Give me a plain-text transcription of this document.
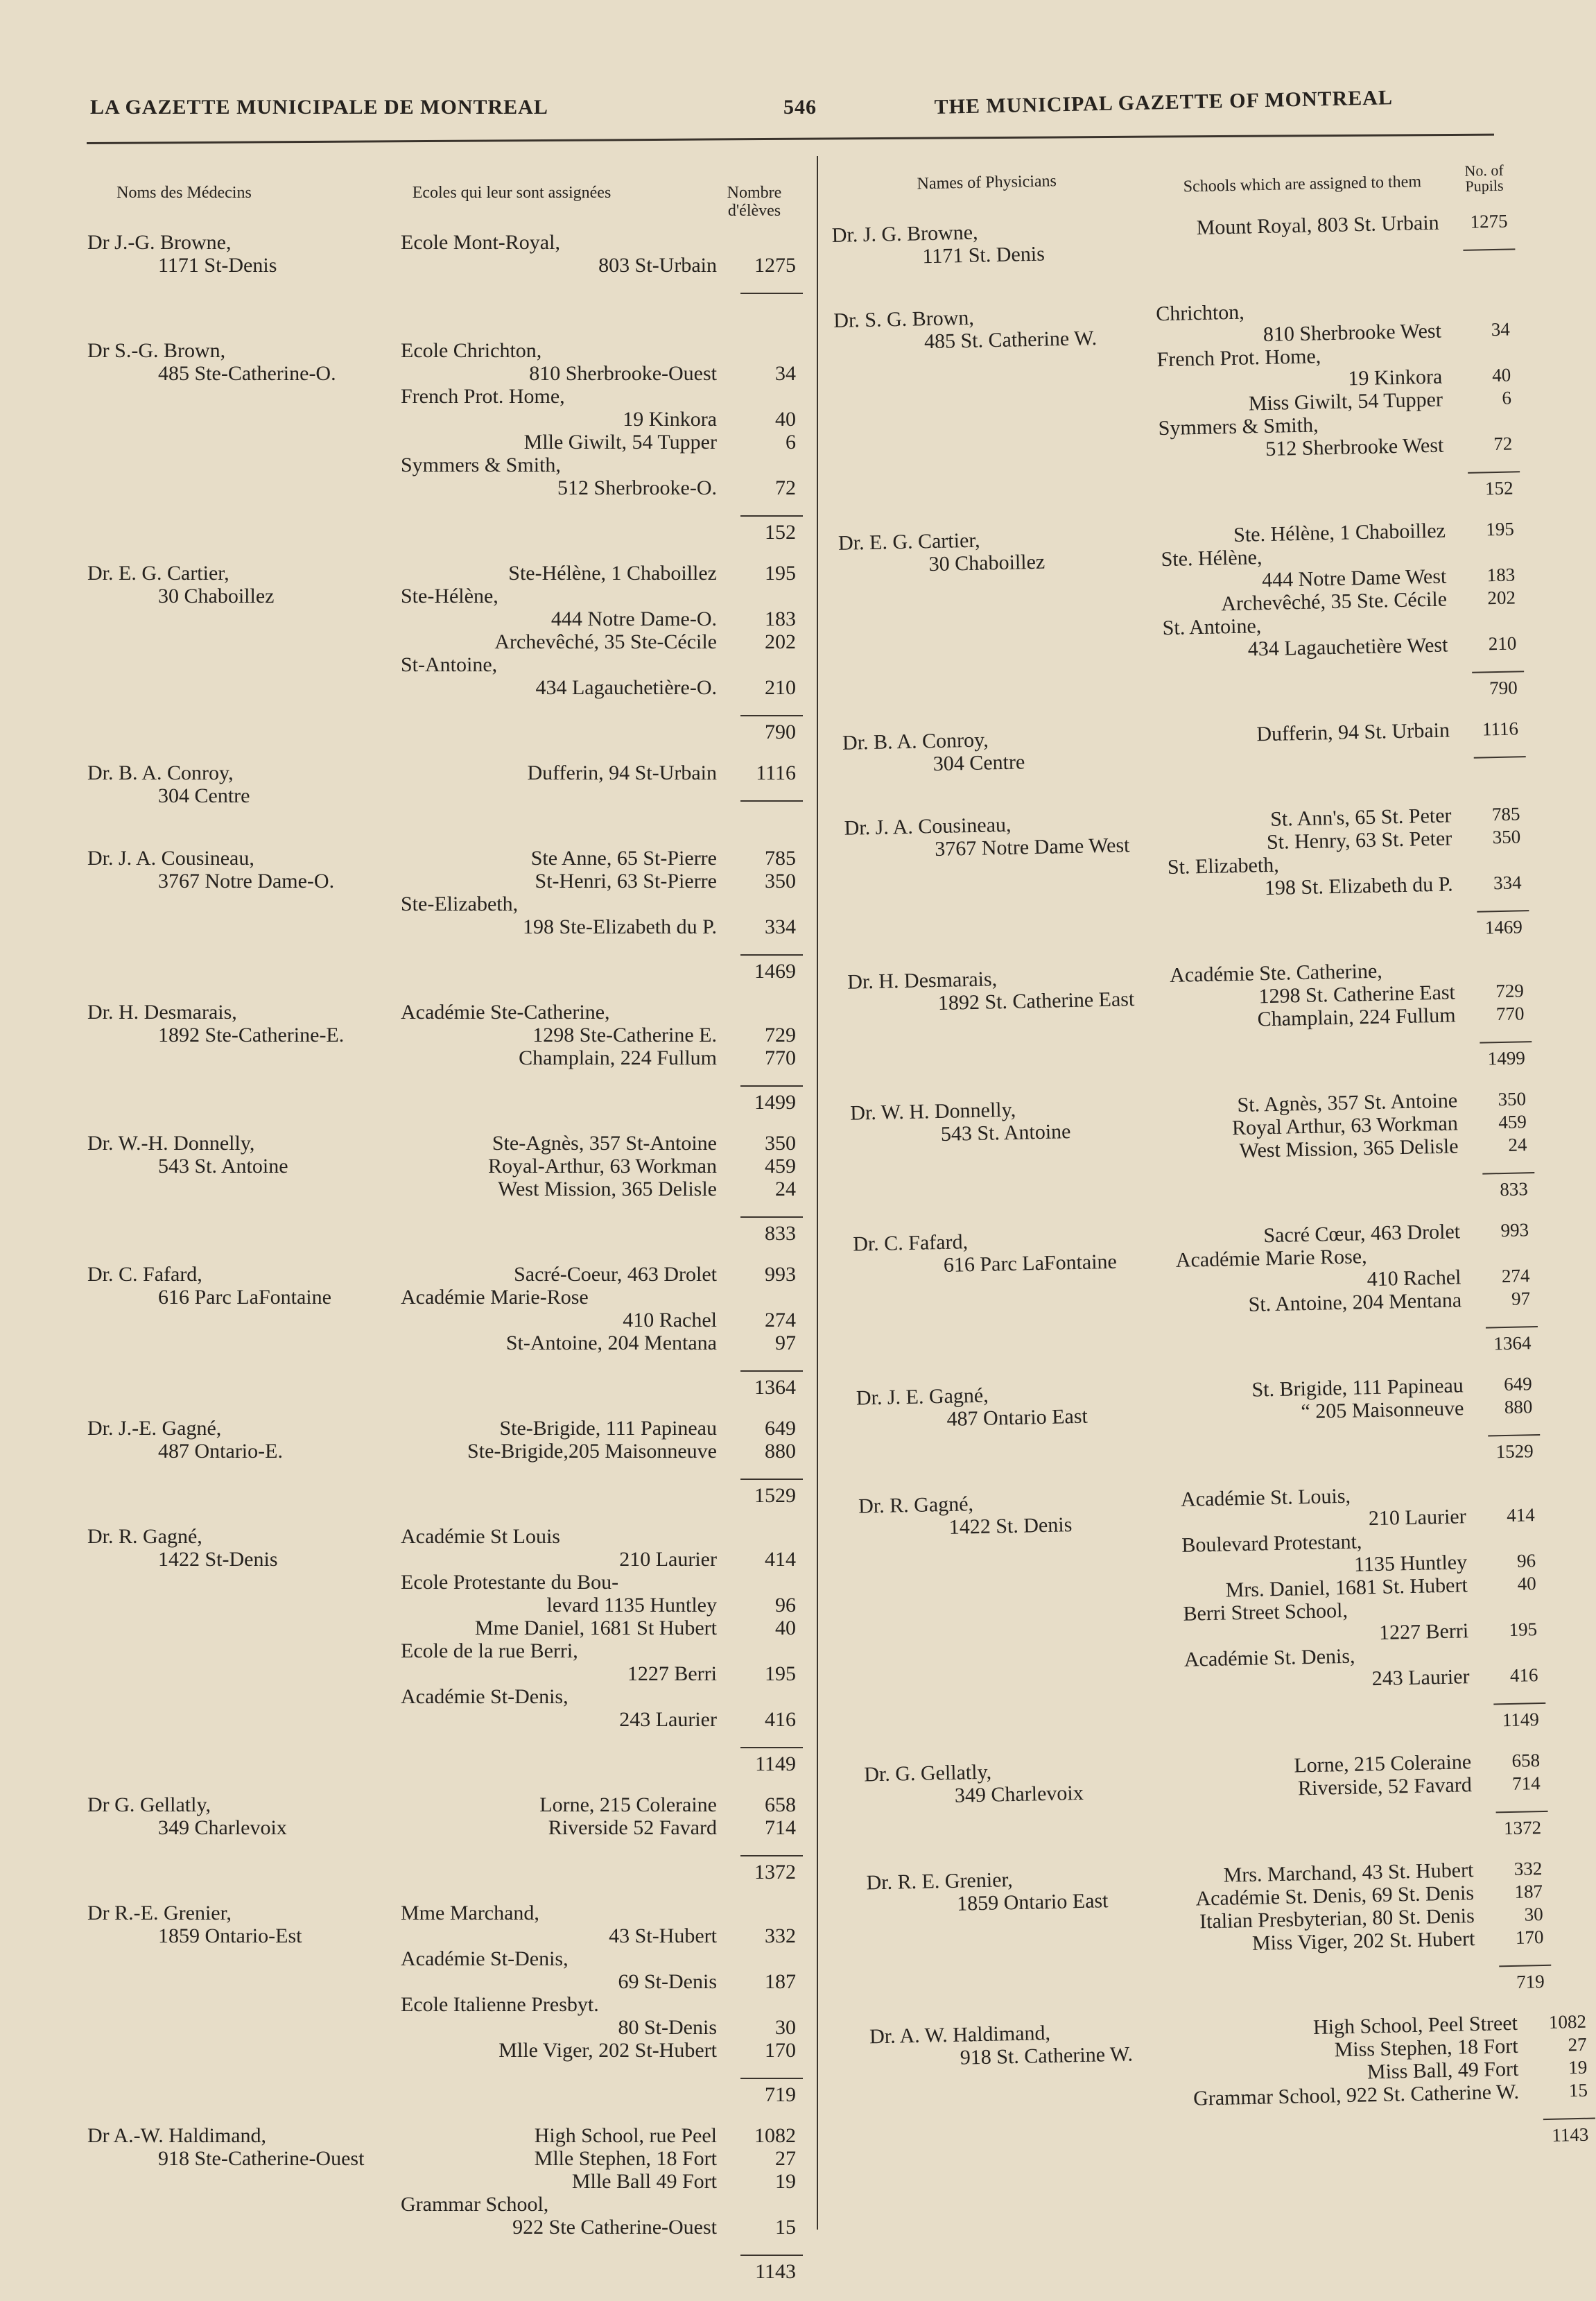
LA GAZETTE MUNICIPALE DE MONTREAL	546	THE MUNICIPAL GAZETTE OF MONTREAL
Noms des Médecins	Ecoles qui leur sont assignées	Nombre d'élèves
Dr J.-G. Browne,
1171 St-Denis
Ecole Mont-Royal,
803 St-Urbain	1275
Dr S.-G. Brown,
485 Ste-Catherine-O.
Ecole Chrichton,
810 Sherbrooke-Ouest	34
French Prot. Home,
19 Kinkora	40
Mlle Giwilt, 54 Tupper	6
Symmers & Smith,
512 Sherbrooke-O.	72
152
Dr. E. G. Cartier,
30 Chaboillez
Ste-Hélène, 1 Chaboillez	195
Ste-Hélène,
444 Notre Dame-O.	183
Archevêché, 35 Ste-Cécile	202
St-Antoine,
434 Lagauchetière-O.	210
790
Dr. B. A. Conroy,
304 Centre
Dufferin, 94 St-Urbain	1116
Dr. J. A. Cousineau,
3767 Notre Dame-O.
Ste Anne, 65 St-Pierre	785
St-Henri, 63 St-Pierre	350
Ste-Elizabeth,
198 Ste-Elizabeth du P.	334
1469
Dr. H. Desmarais,
1892 Ste-Catherine-E.
Académie Ste-Catherine,
1298 Ste-Catherine E.	729
Champlain, 224 Fullum	770
1499
Dr. W.-H. Donnelly,
543 St. Antoine
Ste-Agnès, 357 St-Antoine	350
Royal-Arthur, 63 Workman	459
West Mission, 365 Delisle	24
833
Dr. C. Fafard,
616 Parc LaFontaine
Sacré-Coeur, 463 Drolet	993
Académie Marie-Rose
410 Rachel	274
St-Antoine, 204 Mentana	97
1364
Dr. J.-E. Gagné,
487 Ontario-E.
Ste-Brigide, 111 Papineau	649
Ste-Brigide,205 Maisonneuve	880
1529
Dr. R. Gagné,
1422 St-Denis
Académie St Louis
210 Laurier	414
Ecole Protestante du Bou-
levard 1135 Huntley	96
Mme Daniel, 1681 St Hubert	40
Ecole de la rue Berri,
1227 Berri	195
Académie St-Denis,
243 Laurier	416
1149
Dr G. Gellatly,
349 Charlevoix
Lorne, 215 Coleraine	658
Riverside 52 Favard	714
1372
Dr R.-E. Grenier,
1859 Ontario-Est
Mme Marchand,
43 St-Hubert	332
Académie St-Denis,
69 St-Denis	187
Ecole Italienne Presbyt.
80 St-Denis	30
Mlle Viger, 202 St-Hubert	170
719
Dr A.-W. Haldimand,
918 Ste-Catherine-Ouest
High School, rue Peel	1082
Mlle Stephen, 18 Fort	27
Mlle Ball 49 Fort	19
Grammar School,
922 Ste Catherine-Ouest	15
1143
Names of Physicians	Schools which are assigned to them
No. of Pupils
Dr. J. G. Browne,
1171 St. Denis
Mount Royal, 803 St. Urbain	1275
Dr. S. G. Brown,
485 St. Catherine W.
Chrichton,
810 Sherbrooke West	34
French Prot. Home,
19 Kinkora	40
Miss Giwilt, 54 Tupper	6
Symmers & Smith,
512 Sherbrooke West	72
152
Dr. E. G. Cartier,
30 Chaboillez
Ste. Hélène, 1 Chaboillez	195
Ste. Hélène,
444 Notre Dame West	183
Archevêché, 35 Ste. Cécile	202
St. Antoine,
434 Lagauchetière West	210
790
Dr. B. A. Conroy,
304 Centre
Dufferin, 94 St. Urbain	1116
Dr. J. A. Cousineau,
3767 Notre Dame West
St. Ann's, 65 St. Peter	785
St. Henry, 63 St. Peter	350
St. Elizabeth,
198 St. Elizabeth du P.	334
1469
Dr. H. Desmarais,
1892 St. Catherine East
Académie Ste. Catherine,
1298 St. Catherine East	729
Champlain, 224 Fullum	770
1499
Dr. W. H. Donnelly,
543 St. Antoine
St. Agnès, 357 St. Antoine	350
Royal Arthur, 63 Workman	459
West Mission, 365 Delisle	24
833
Dr. C. Fafard,
616 Parc LaFontaine
Sacré Cœur, 463 Drolet	993
Académie Marie Rose,
410 Rachel	274
St. Antoine, 204 Mentana	97
1364
Dr. J. E. Gagné,
487 Ontario East
St. Brigide, 111 Papineau	649
“ 205 Maisonneuve	880
1529
Dr. R. Gagné,
1422 St. Denis
Académie St. Louis,
210 Laurier	414
Boulevard Protestant,
1135 Huntley	96
Mrs. Daniel, 1681 St. Hubert	40
Berri Street School,
1227 Berri	195
Académie St. Denis,
243 Laurier	416
1149
Dr. G. Gellatly,
349 Charlevoix
Lorne, 215 Coleraine	658
Riverside, 52 Favard	714
1372
Dr. R. E. Grenier,
1859 Ontario East
Mrs. Marchand, 43 St. Hubert	332
Académie St. Denis, 69 St. Denis	187
Italian Presbyterian, 80 St. Denis	30
Miss Viger, 202 St. Hubert	170
719
Dr. A. W. Haldimand,
918 St. Catherine W.
High School, Peel Street	1082
Miss Stephen, 18 Fort	27
Miss Ball, 49 Fort	19
Grammar School, 922 St. Catherine W.	15
1143
